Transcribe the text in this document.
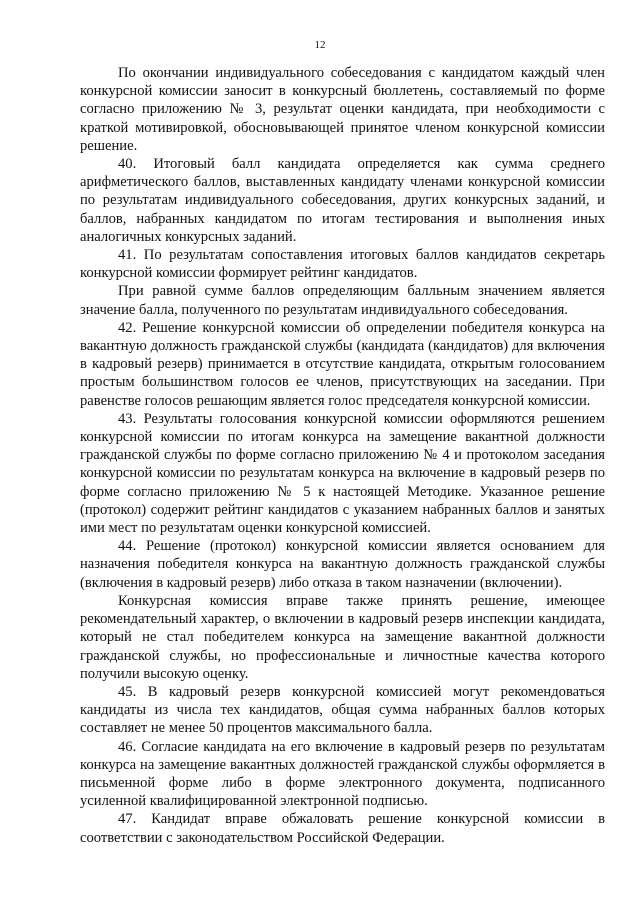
12

По окончании индивидуального собеседования с кандидатом каждый член конкурсной комиссии заносит в конкурсный бюллетень, составляемый по форме согласно приложению № 3, результат оценки кандидата, при необходимости с краткой мотивировкой, обосновывающей принятое членом конкурсной комиссии решение.

40. Итоговый балл кандидата определяется как сумма среднего арифметического баллов, выставленных кандидату членами конкурсной комиссии по результатам индивидуального собеседования, других конкурсных заданий, и баллов, набранных кандидатом по итогам тестирования и выполнения иных аналогичных конкурсных заданий.

41. По результатам сопоставления итоговых баллов кандидатов секретарь конкурсной комиссии формирует рейтинг кандидатов.

При равной сумме баллов определяющим балльным значением является значение балла, полученного по результатам индивидуального собеседования.

42. Решение конкурсной комиссии об определении победителя конкурса на вакантную должность гражданской службы (кандидата (кандидатов) для включения в кадровый резерв) принимается в отсутствие кандидата, открытым голосованием простым большинством голосов ее членов, присутствующих на заседании. При равенстве голосов решающим является голос председателя конкурсной комиссии.

43. Результаты голосования конкурсной комиссии оформляются решением конкурсной комиссии по итогам конкурса на замещение вакантной должности гражданской службы по форме согласно приложению № 4 и протоколом заседания конкурсной комиссии по результатам конкурса на включение в кадровый резерв по форме согласно приложению № 5 к настоящей Методике. Указанное решение (протокол) содержит рейтинг кандидатов с указанием набранных баллов и занятых ими мест по результатам оценки конкурсной комиссией.

44. Решение (протокол) конкурсной комиссии является основанием для назначения победителя конкурса на вакантную должность гражданской службы (включения в кадровый резерв) либо отказа в таком назначении (включении).

Конкурсная комиссия вправе также принять решение, имеющее рекомендательный характер, о включении в кадровый резерв инспекции кандидата, который не стал победителем конкурса на замещение вакантной должности гражданской службы, но профессиональные и личностные качества которого получили высокую оценку.

45. В кадровый резерв конкурсной комиссией могут рекомендоваться кандидаты из числа тех кандидатов, общая сумма набранных баллов которых составляет не менее 50 процентов максимального балла.

46. Согласие кандидата на его включение в кадровый резерв по результатам конкурса на замещение вакантных должностей гражданской службы оформляется в письменной форме либо в форме электронного документа, подписанного усиленной квалифицированной электронной подписью.

47. Кандидат вправе обжаловать решение конкурсной комиссии в соответствии с законодательством Российской Федерации.
